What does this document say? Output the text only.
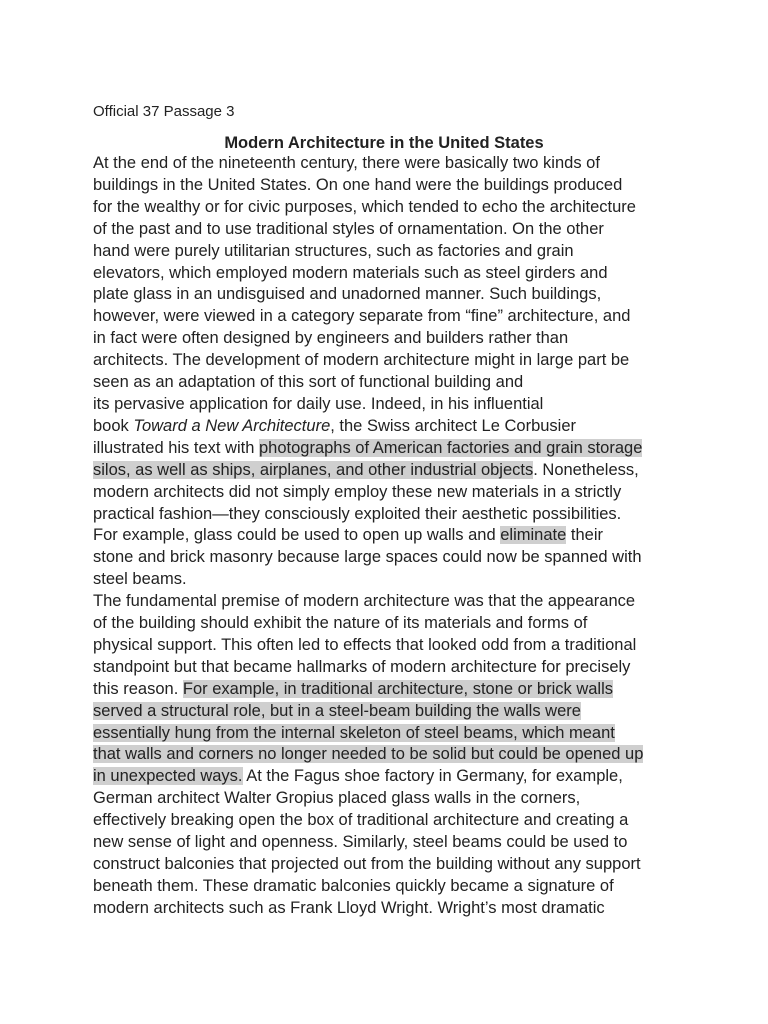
Official 37 Passage 3
Modern Architecture in the United States
At the end of the nineteenth century, there were basically two kinds of
buildings in the United States. On one hand were the buildings produced
for the wealthy or for civic purposes, which tended to echo the architecture
of the past and to use traditional styles of ornamentation. On the other
hand were purely utilitarian structures, such as factories and grain
elevators, which employed modern materials such as steel girders and
plate glass in an undisguised and unadorned manner. Such buildings,
however, were viewed in a category separate from “fine” architecture, and
in fact were often designed by engineers and builders rather than
architects. The development of modern architecture might in large part be
seen as an adaptation of this sort of functional building and
its pervasive application for daily use. Indeed, in his influential
book Toward a New Architecture, the Swiss architect Le Corbusier
illustrated his text with photographs of American factories and grain storage
silos, as well as ships, airplanes, and other industrial objects. Nonetheless,
modern architects did not simply employ these new materials in a strictly
practical fashion—they consciously exploited their aesthetic possibilities.
For example, glass could be used to open up walls and eliminate their
stone and brick masonry because large spaces could now be spanned with
steel beams.
The fundamental premise of modern architecture was that the appearance
of the building should exhibit the nature of its materials and forms of
physical support. This often led to effects that looked odd from a traditional
standpoint but that became hallmarks of modern architecture for precisely
this reason. For example, in traditional architecture, stone or brick walls
served a structural role, but in a steel-beam building the walls were
essentially hung from the internal skeleton of steel beams, which meant
that walls and corners no longer needed to be solid but could be opened up
in unexpected ways. At the Fagus shoe factory in Germany, for example,
German architect Walter Gropius placed glass walls in the corners,
effectively breaking open the box of traditional architecture and creating a
new sense of light and openness. Similarly, steel beams could be used to
construct balconies that projected out from the building without any support
beneath them. These dramatic balconies quickly became a signature of
modern architects such as Frank Lloyd Wright. Wright’s most dramatic
